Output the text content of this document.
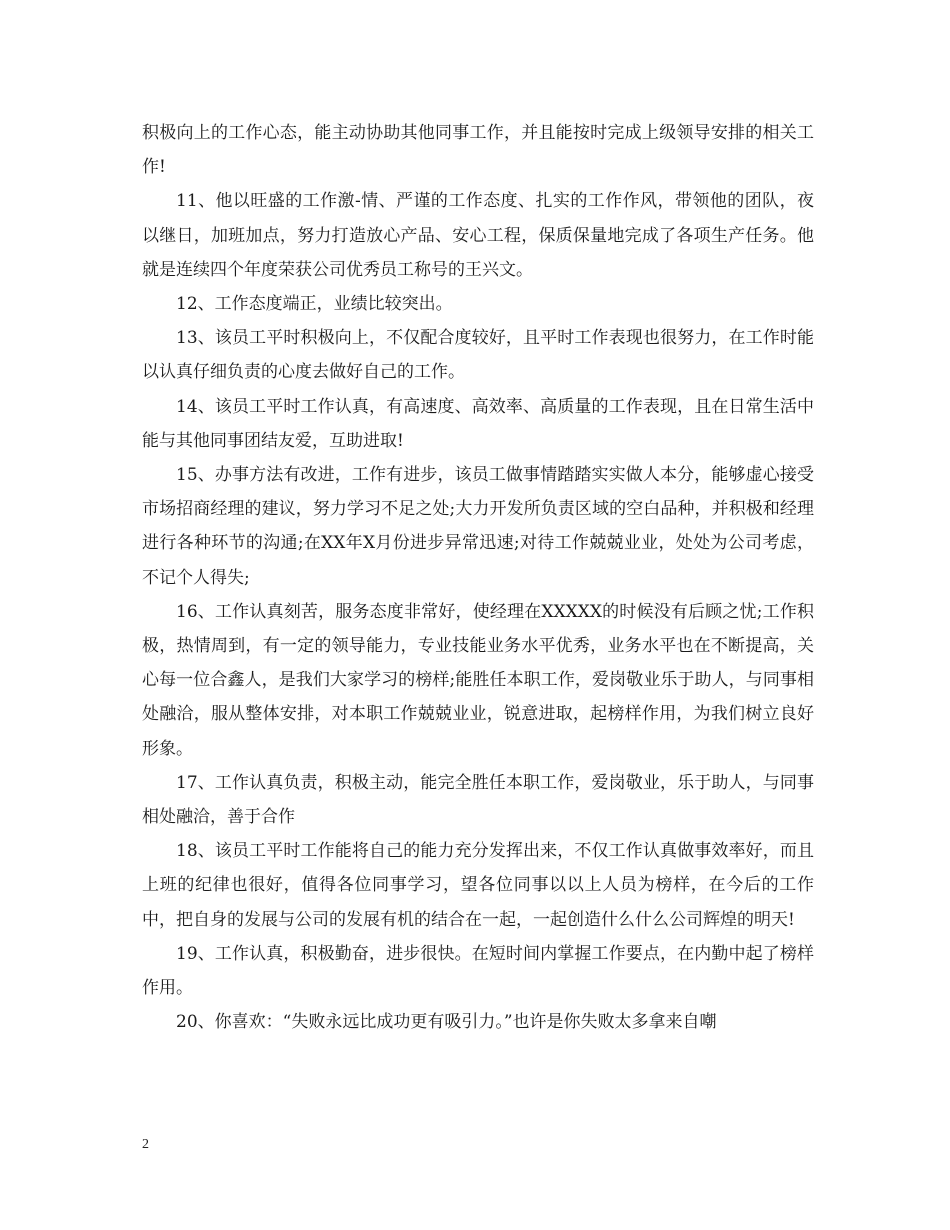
积极向上的工作心态，能主动协助其他同事工作，并且能按时完成上级领导安排的相关工作!

11、他以旺盛的工作激-情、严谨的工作态度、扎实的工作作风，带领他的团队，夜以继日，加班加点，努力打造放心产品、安心工程，保质保量地完成了各项生产任务。他就是连续四个年度荣获公司优秀员工称号的王兴文。

12、工作态度端正，业绩比较突出。

13、该员工平时积极向上，不仅配合度较好，且平时工作表现也很努力，在工作时能以认真仔细负责的心度去做好自己的工作。

14、该员工平时工作认真，有高速度、高效率、高质量的工作表现，且在日常生活中能与其他同事团结友爱，互助进取!

15、办事方法有改进，工作有进步，该员工做事情踏踏实实做人本分，能够虚心接受市场招商经理的建议，努力学习不足之处;大力开发所负责区域的空白品种，并积极和经理进行各种环节的沟通;在XX年X月份进步异常迅速;对待工作兢兢业业，处处为公司考虑，不记个人得失;

16、工作认真刻苦，服务态度非常好，使经理在XXXXX的时候没有后顾之忧;工作积极，热情周到，有一定的领导能力，专业技能业务水平优秀，业务水平也在不断提高，关心每一位合鑫人，是我们大家学习的榜样;能胜任本职工作，爱岗敬业乐于助人，与同事相处融洽，服从整体安排，对本职工作兢兢业业，锐意进取，起榜样作用，为我们树立良好形象。

17、工作认真负责，积极主动，能完全胜任本职工作，爱岗敬业，乐于助人，与同事相处融洽，善于合作

18、该员工平时工作能将自己的能力充分发挥出来，不仅工作认真做事效率好，而且上班的纪律也很好，值得各位同事学习，望各位同事以以上人员为榜样，在今后的工作中，把自身的发展与公司的发展有机的结合在一起，一起创造什么什么公司辉煌的明天!

19、工作认真，积极勤奋，进步很快。在短时间内掌握工作要点，在内勤中起了榜样作用。

20、你喜欢：“失败永远比成功更有吸引力。”也许是你失败太多拿来自嘲

2
